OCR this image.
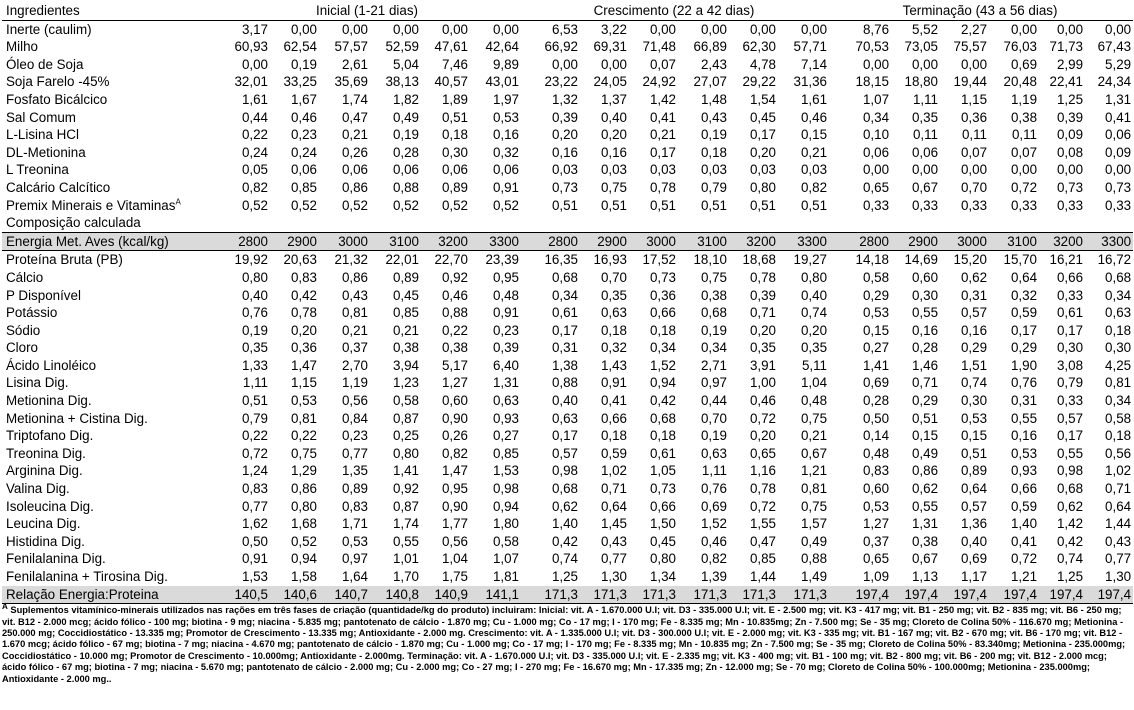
Ingredientes	Inicial (1-21 dias)						Crescimento (22 a 42 dias)						Terminação (43 a 56 dias)					
Inerte (caulim)	3,17	0,00	0,00	0,00	0,00	0,00	6,53	3,22	0,00	0,00	0,00	0,00	8,76	5,52	2,27	0,00	0,00	0,00
Milho	60,93	62,54	57,57	52,59	47,61	42,64	66,92	69,31	71,48	66,89	62,30	57,71	70,53	73,05	75,57	76,03	71,73	67,43
Óleo de Soja	0,00	0,19	2,61	5,04	7,46	9,89	0,00	0,00	0,07	2,43	4,78	7,14	0,00	0,00	0,00	0,69	2,99	5,29
Soja Farelo -45%	32,01	33,25	35,69	38,13	40,57	43,01	23,22	24,05	24,92	27,07	29,22	31,36	18,15	18,80	19,44	20,48	22,41	24,34
Fosfato Bicálcico	1,61	1,67	1,74	1,82	1,89	1,97	1,32	1,37	1,42	1,48	1,54	1,61	1,07	1,11	1,15	1,19	1,25	1,31
Sal Comum	0,44	0,46	0,47	0,49	0,51	0,53	0,39	0,40	0,41	0,43	0,45	0,46	0,34	0,35	0,36	0,38	0,39	0,41
L-Lisina HCl	0,22	0,23	0,21	0,19	0,18	0,16	0,20	0,20	0,21	0,19	0,17	0,15	0,10	0,11	0,11	0,11	0,09	0,06
DL-Metionina	0,24	0,24	0,26	0,28	0,30	0,32	0,16	0,16	0,17	0,18	0,20	0,21	0,06	0,06	0,07	0,07	0,08	0,09
L Treonina	0,05	0,06	0,06	0,06	0,06	0,06	0,03	0,03	0,03	0,03	0,03	0,03	0,00	0,00	0,00	0,00	0,00	0,00
Calcário Calcítico	0,82	0,85	0,86	0,88	0,89	0,91	0,73	0,75	0,78	0,79	0,80	0,82	0,65	0,67	0,70	0,72	0,73	0,73
Premix Minerais e Vitaminas$^A$	0,52	0,52	0,52	0,52	0,52	0,52	0,51	0,51	0,51	0,51	0,51	0,51	0,33	0,33	0,33	0,33	0,33	0,33
Composição calculada																		
Energia Met. Aves (kcal/kg)	2800	2900	3000	3100	3200	3300	2800	2900	3000	3100	3200	3300	2800	2900	3000	3100	3200	3300
Proteína Bruta (PB)	19,92	20,63	21,32	22,01	22,70	23,39	16,35	16,93	17,52	18,10	18,68	19,27	14,18	14,69	15,20	15,70	16,21	16,72
Cálcio	0,80	0,83	0,86	0,89	0,92	0,95	0,68	0,70	0,73	0,75	0,78	0,80	0,58	0,60	0,62	0,64	0,66	0,68
P Disponível	0,40	0,42	0,43	0,45	0,46	0,48	0,34	0,35	0,36	0,38	0,39	0,40	0,29	0,30	0,31	0,32	0,33	0,34
Potássio	0,76	0,78	0,81	0,85	0,88	0,91	0,61	0,63	0,66	0,68	0,71	0,74	0,53	0,55	0,57	0,59	0,61	0,63
Sódio	0,19	0,20	0,21	0,21	0,22	0,23	0,17	0,18	0,18	0,19	0,20	0,20	0,15	0,16	0,16	0,17	0,17	0,18
Cloro	0,35	0,36	0,37	0,38	0,38	0,39	0,31	0,32	0,34	0,34	0,35	0,35	0,27	0,28	0,29	0,29	0,30	0,30
Ácido Linoléico	1,33	1,47	2,70	3,94	5,17	6,40	1,38	1,43	1,52	2,71	3,91	5,11	1,41	1,46	1,51	1,90	3,08	4,25
Lisina Dig.	1,11	1,15	1,19	1,23	1,27	1,31	0,88	0,91	0,94	0,97	1,00	1,04	0,69	0,71	0,74	0,76	0,79	0,81
Metionina Dig.	0,51	0,53	0,56	0,58	0,60	0,63	0,40	0,41	0,42	0,44	0,46	0,48	0,28	0,29	0,30	0,31	0,33	0,34
Metionina + Cistina Dig.	0,79	0,81	0,84	0,87	0,90	0,93	0,63	0,66	0,68	0,70	0,72	0,75	0,50	0,51	0,53	0,55	0,57	0,58
Triptofano Dig.	0,22	0,22	0,23	0,25	0,26	0,27	0,17	0,18	0,18	0,19	0,20	0,21	0,14	0,15	0,15	0,16	0,17	0,18
Treonina Dig.	0,72	0,75	0,77	0,80	0,82	0,85	0,57	0,59	0,61	0,63	0,65	0,67	0,48	0,49	0,51	0,53	0,55	0,56
Arginina Dig.	1,24	1,29	1,35	1,41	1,47	1,53	0,98	1,02	1,05	1,11	1,16	1,21	0,83	0,86	0,89	0,93	0,98	1,02
Valina Dig.	0,83	0,86	0,89	0,92	0,95	0,98	0,68	0,71	0,73	0,76	0,78	0,81	0,60	0,62	0,64	0,66	0,68	0,71
Isoleucina Dig.	0,77	0,80	0,83	0,87	0,90	0,94	0,62	0,64	0,66	0,69	0,72	0,75	0,53	0,55	0,57	0,59	0,62	0,64
Leucina Dig.	1,62	1,68	1,71	1,74	1,77	1,80	1,40	1,45	1,50	1,52	1,55	1,57	1,27	1,31	1,36	1,40	1,42	1,44
Histidina Dig.	0,50	0,52	0,53	0,55	0,56	0,58	0,42	0,43	0,45	0,46	0,47	0,49	0,37	0,38	0,40	0,41	0,42	0,43
Fenilalanina Dig.	0,91	0,94	0,97	1,01	1,04	1,07	0,74	0,77	0,80	0,82	0,85	0,88	0,65	0,67	0,69	0,72	0,74	0,77
Fenilalanina + Tirosina Dig.	1,53	1,58	1,64	1,70	1,75	1,81	1,25	1,30	1,34	1,39	1,44	1,49	1,09	1,13	1,17	1,21	1,25	1,30
Relação Energia:Proteina	140,5	140,6	140,7	140,8	140,9	141,1	171,3	171,3	171,3	171,3	171,3	171,3	197,4	197,4	197,4	197,4	197,4	197,4
A Suplementos vitamínico-minerais utilizados nas rações em três fases de criação (quantidade/kg do produto) incluiram: Inicial: vit. A - 1.670.000 U.I; vit. D3 - 335.000 U.I; vit. E - 2.500 mg; vit. K3 - 417 mg; vit. B1 - 250 mg; vit. B2 - 835 mg; vit. B6 - 250 mg; vit. B12 - 2.000 mcg; ácido fólico - 100 mg; biotina - 9 mg; niacina - 5.835 mg; pantotenato de cálcio - 1.870 mg; Cu - 1.000 mg; Co - 17 mg; I - 170 mg; Fe - 8.335 mg; Mn - 10.835mg; Zn - 7.500 mg; Se - 35 mg; Cloreto de Colina 50% - 116.670 mg; Metionina - 250.000 mg; Coccidiostático - 13.335 mg; Promotor de Crescimento - 13.335 mg; Antioxidante - 2.000 mg. Crescimento: vit. A - 1.335.000 U.I; vit. D3 - 300.000 U.I; vit. E - 2.000 mg; vit. K3 - 335 mg; vit. B1 - 167 mg; vit. B2 - 670 mg; vit. B6 - 170 mg; vit. B12 - 1.670 mcg; ácido fólico - 67 mg; biotina - 7 mg; niacina - 4.670 mg; pantotenato de cálcio - 1.870 mg; Cu - 1.000 mg; Co - 17 mg; I - 170 mg; Fe - 8.335 mg; Mn - 10.835 mg; Zn - 7.500 mg; Se - 35 mg; Cloreto de Colina 50% - 83.340mg; Metionina - 235.000mg; Coccidiostático - 10.000 mg; Promotor de Crescimento - 10.000mg; Antioxidante - 2.000mg. Terminação: vit. A - 1.670.000 U.I; vit. D3 - 335.000 U.I; vit. E - 2.335 mg; vit. K3 - 400 mg; vit. B1 - 100 mg; vit. B2 - 800 mg; vit. B6 - 200 mg; vit. B12 - 2.000 mcg; ácido fólico - 67 mg; biotina - 7 mg; niacina - 5.670 mg; pantotenato de cálcio - 2.000 mg; Cu - 2.000 mg; Co - 27 mg; I - 270 mg; Fe - 16.670 mg; Mn - 17.335 mg; Zn - 12.000 mg; Se - 70 mg; Cloreto de Colina 50% - 100.000mg; Metionina - 235.000mg; Antioxidante - 2.000 mg..
